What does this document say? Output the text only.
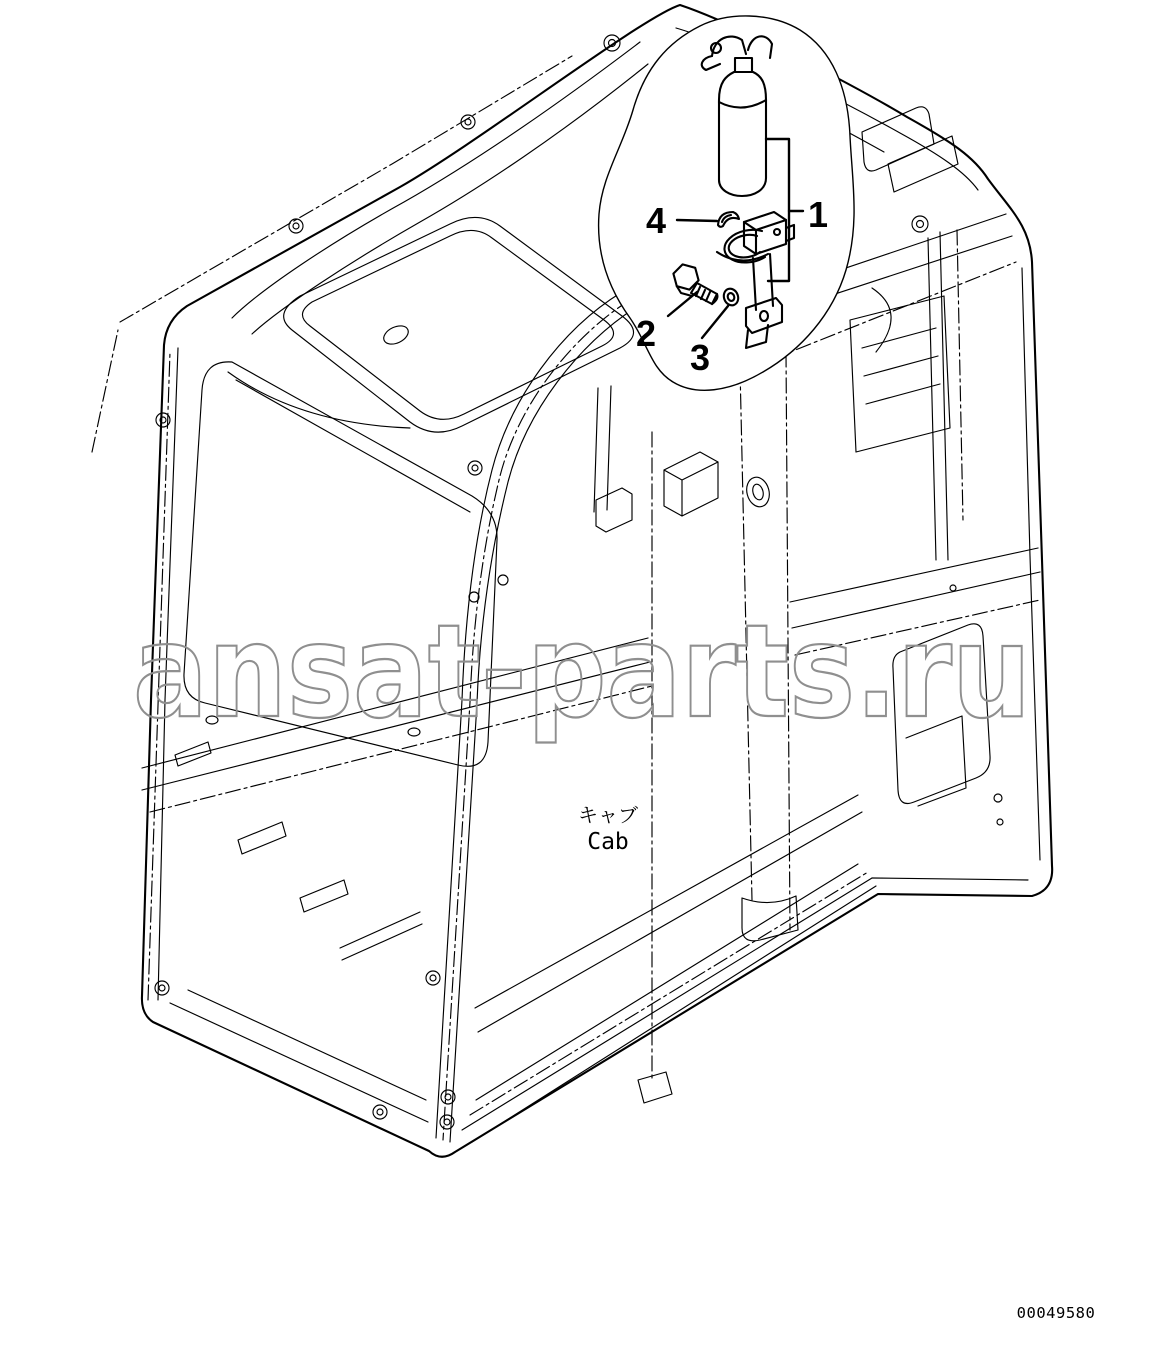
ansat-parts.ru
1
2
3
4
キャブ
Cab
00049580
